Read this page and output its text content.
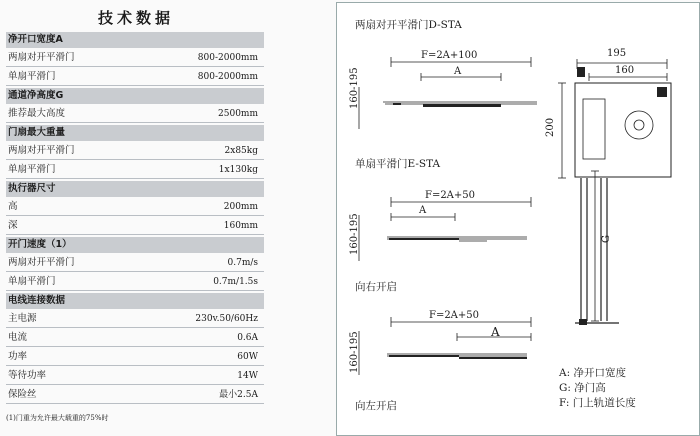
技术数据
净开口宽度A
两扇对开平滑门	800-2000mm
单扇平滑门	800-2000mm
通道净高度G
推荐最大高度	2500mm
门扇最大重量
两扇对开平滑门	2x85kg
单扇平滑门	1x130kg
执行器尺寸
高	200mm
深	160mm
开门速度（1）
两扇对开平滑门	0.7m/s
单扇平滑门	0.7m/1.5s
电线连接数据
主电源	230v.50/60Hz
电流	0.6A
功率	60W
等待功率	14W
保险丝	最小2.5A
(1)门重为允许最大载重的75%时
两扇对开平滑门D-STA
F=2A+100
A
160-195
单扇平滑门E-STA
F=2A+50
A
160-195
向右开启
F=2A+50
A
160-195
向左开启
195
160
200
G
A: 净开口宽度
G: 净门高
F: 门上轨道长度
